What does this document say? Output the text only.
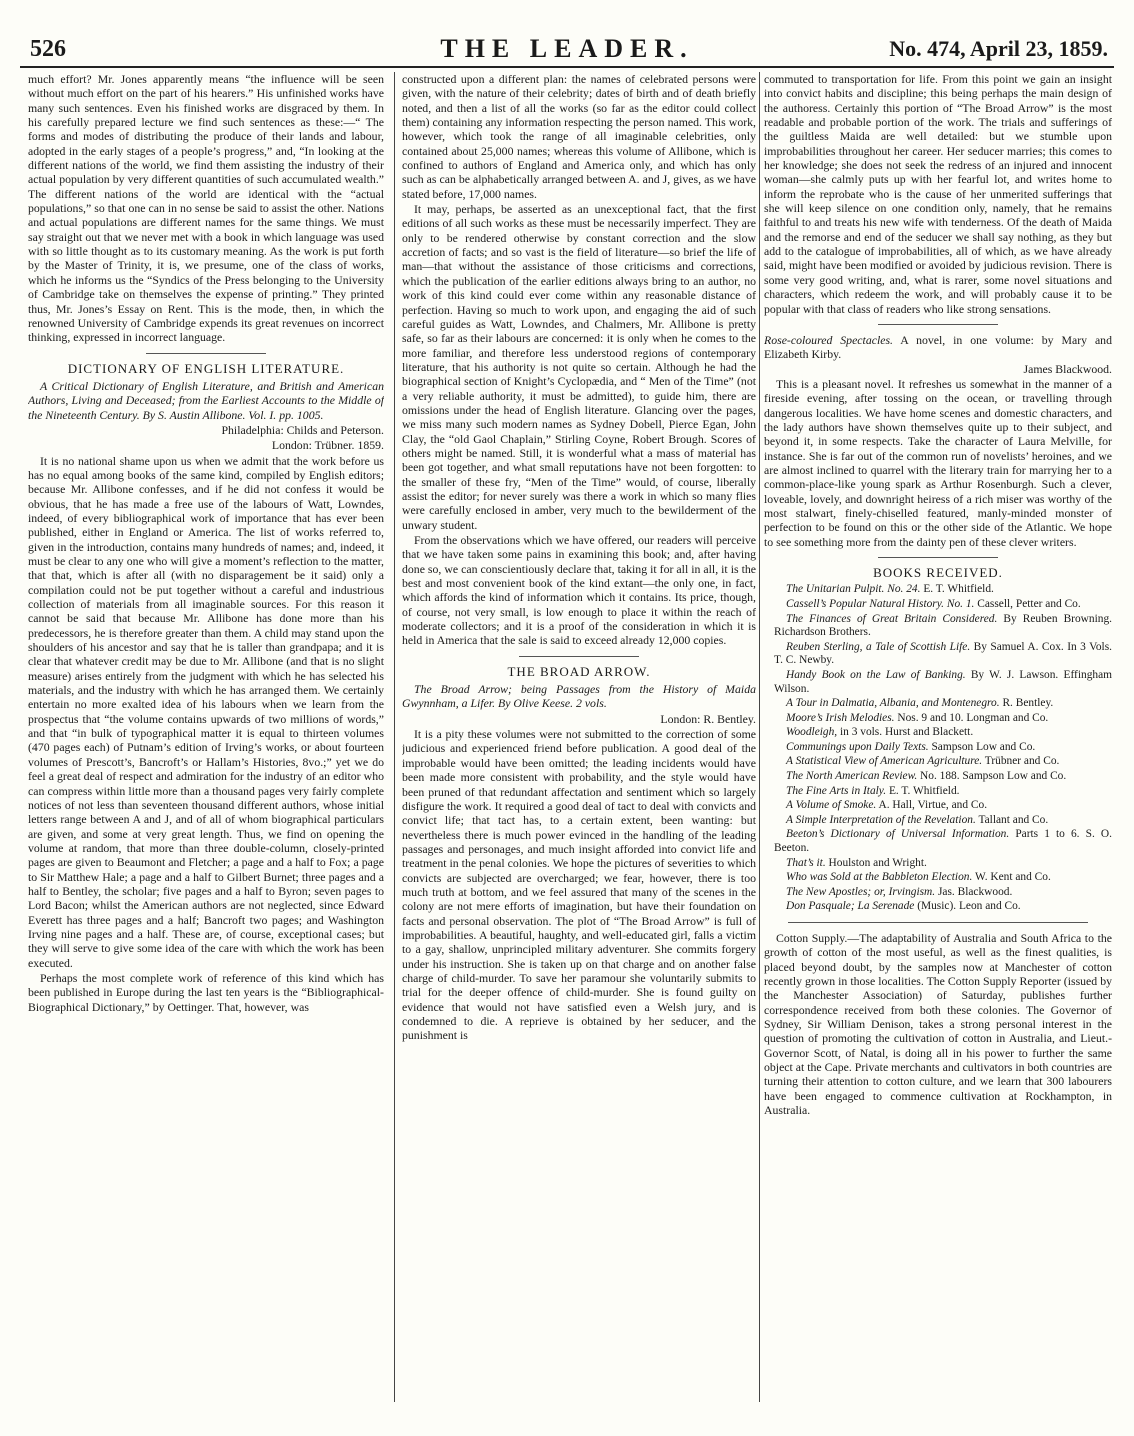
526	THE LEADER.	No. 474, April 23, 1859.

much effort? Mr. Jones apparently means “the influence will be seen without much effort on the part of his hearers.” His unfinished works have many such sentences. Even his finished works are disgraced by them. In his carefully prepared lecture we find such sentences as these:—“ The forms and modes of distributing the produce of their lands and labour, adopted in the early stages of a people’s progress,” and, “In looking at the different nations of the world, we find them assisting the industry of their actual population by very different quantities of such accumulated wealth.” The different nations of the world are identical with the “actual populations,” so that one can in no sense be said to assist the other. Nations and actual populations are different names for the same things. We must say straight out that we never met with a book in which language was used with so little thought as to its customary meaning. As the work is put forth by the Master of Trinity, it is, we presume, one of the class of works, which he informs us the “Syndics of the Press belonging to the University of Cambridge take on themselves the expense of printing.” They printed thus, Mr. Jones’s Essay on Rent. This is the mode, then, in which the renowned University of Cambridge expends its great revenues on incorrect thinking, expressed in incorrect language.

DICTIONARY OF ENGLISH LITERATURE.

A Critical Dictionary of English Literature, and British and American Authors, Living and Deceased; from the Earliest Accounts to the Middle of the Nineteenth Century. By S. Austin Allibone. Vol. I. pp. 1005.

Philadelphia: Childs and Peterson.

London: Trübner. 1859.

It is no national shame upon us when we admit that the work before us has no equal among books of the same kind, compiled by English editors; because Mr. Allibone confesses, and if he did not confess it would be obvious, that he has made a free use of the labours of Watt, Lowndes, indeed, of every bibliographical work of importance that has ever been published, either in England or America. The list of works referred to, given in the introduction, contains many hundreds of names; and, indeed, it must be clear to any one who will give a moment’s reflection to the matter, that that, which is after all (with no disparagement be it said) only a compilation could not be put together without a careful and industrious collection of materials from all imaginable sources. For this reason it cannot be said that because Mr. Allibone has done more than his predecessors, he is therefore greater than them. A child may stand upon the shoulders of his ancestor and say that he is taller than grandpapa; and it is clear that whatever credit may be due to Mr. Allibone (and that is no slight measure) arises entirely from the judgment with which he has selected his materials, and the industry with which he has arranged them. We certainly entertain no more exalted idea of his labours when we learn from the prospectus that “the volume contains upwards of two millions of words,” and that “in bulk of typographical matter it is equal to thirteen volumes (470 pages each) of Putnam’s edition of Irving’s works, or about fourteen volumes of Prescott’s, Bancroft’s or Hallam’s Histories, 8vo.;” yet we do feel a great deal of respect and admiration for the industry of an editor who can compress within little more than a thousand pages very fairly complete notices of not less than seventeen thousand different authors, whose initial letters range between A and J, and of all of whom biographical particulars are given, and some at very great length. Thus, we find on opening the volume at random, that more than three double-column, closely-printed pages are given to Beaumont and Fletcher; a page and a half to Fox; a page to Sir Matthew Hale; a page and a half to Gilbert Burnet; three pages and a half to Bentley, the scholar; five pages and a half to Byron; seven pages to Lord Bacon; whilst the American authors are not neglected, since Edward Everett has three pages and a half; Bancroft two pages; and Washington Irving nine pages and a half. These are, of course, exceptional cases; but they will serve to give some idea of the care with which the work has been executed.

Perhaps the most complete work of reference of this kind which has been published in Europe during the last ten years is the “Bibliographical-Biographical Dictionary,” by Oettinger. That, however, was

constructed upon a different plan: the names of celebrated persons were given, with the nature of their celebrity; dates of birth and of death briefly noted, and then a list of all the works (so far as the editor could collect them) containing any information respecting the person named. This work, however, which took the range of all imaginable celebrities, only contained about 25,000 names; whereas this volume of Allibone, which is confined to authors of England and America only, and which has only such as can be alphabetically arranged between A. and J, gives, as we have stated before, 17,000 names.

It may, perhaps, be asserted as an unexceptional fact, that the first editions of all such works as these must be necessarily imperfect. They are only to be rendered otherwise by constant correction and the slow accretion of facts; and so vast is the field of literature—so brief the life of man—that without the assistance of those criticisms and corrections, which the publication of the earlier editions always bring to an author, no work of this kind could ever come within any reasonable distance of perfection. Having so much to work upon, and engaging the aid of such careful guides as Watt, Lowndes, and Chalmers, Mr. Allibone is pretty safe, so far as their labours are concerned: it is only when he comes to the more familiar, and therefore less understood regions of contemporary literature, that his authority is not quite so certain. Although he had the biographical section of Knight’s Cyclopædia, and “ Men of the Time” (not a very reliable authority, it must be admitted), to guide him, there are omissions under the head of English literature. Glancing over the pages, we miss many such modern names as Sydney Dobell, Pierce Egan, John Clay, the “old Gaol Chaplain,” Stirling Coyne, Robert Brough. Scores of others might be named. Still, it is wonderful what a mass of material has been got together, and what small reputations have not been forgotten: to the smaller of these fry, “Men of the Time” would, of course, liberally assist the editor; for never surely was there a work in which so many flies were carefully enclosed in amber, very much to the bewilderment of the unwary student.

From the observations which we have offered, our readers will perceive that we have taken some pains in examining this book; and, after having done so, we can conscientiously declare that, taking it for all in all, it is the best and most convenient book of the kind extant—the only one, in fact, which affords the kind of information which it contains. Its price, though, of course, not very small, is low enough to place it within the reach of moderate collectors; and it is a proof of the consideration in which it is held in America that the sale is said to exceed already 12,000 copies.

THE BROAD ARROW.

The Broad Arrow; being Passages from the History of Maida Gwynnham, a Lifer. By Olive Keese. 2 vols.

London: R. Bentley.

It is a pity these volumes were not submitted to the correction of some judicious and experienced friend before publication. A good deal of the improbable would have been omitted; the leading incidents would have been made more consistent with probability, and the style would have been pruned of that redundant affectation and sentiment which so largely disfigure the work. It required a good deal of tact to deal with convicts and convict life; that tact has, to a certain extent, been wanting: but nevertheless there is much power evinced in the handling of the leading passages and personages, and much insight afforded into convict life and treatment in the penal colonies. We hope the pictures of severities to which convicts are subjected are overcharged; we fear, however, there is too much truth at bottom, and we feel assured that many of the scenes in the colony are not mere efforts of imagination, but have their foundation on facts and personal observation. The plot of “The Broad Arrow” is full of improbabilities. A beautiful, haughty, and well-educated girl, falls a victim to a gay, shallow, unprincipled military adventurer. She commits forgery under his instruction. She is taken up on that charge and on another false charge of child-murder. To save her paramour she voluntarily submits to trial for the deeper offence of child-murder. She is found guilty on evidence that would not have satisfied even a Welsh jury, and is condemned to die. A reprieve is obtained by her seducer, and the punishment is

commuted to transportation for life. From this point we gain an insight into convict habits and discipline; this being perhaps the main design of the authoress. Certainly this portion of “The Broad Arrow” is the most readable and probable portion of the work. The trials and sufferings of the guiltless Maida are well detailed: but we stumble upon improbabilities throughout her career. Her seducer marries; this comes to her knowledge; she does not seek the redress of an injured and innocent woman—she calmly puts up with her fearful lot, and writes home to inform the reprobate who is the cause of her unmerited sufferings that she will keep silence on one condition only, namely, that he remains faithful to and treats his new wife with tenderness. Of the death of Maida and the remorse and end of the seducer we shall say nothing, as they but add to the catalogue of improbabilities, all of which, as we have already said, might have been modified or avoided by judicious revision. There is some very good writing, and, what is rarer, some novel situations and characters, which redeem the work, and will probably cause it to be popular with that class of readers who like strong sensations.

Rose-coloured Spectacles. A novel, in one volume: by Mary and Elizabeth Kirby.

James Blackwood.

This is a pleasant novel. It refreshes us somewhat in the manner of a fireside evening, after tossing on the ocean, or travelling through dangerous localities. We have home scenes and domestic characters, and the lady authors have shown themselves quite up to their subject, and beyond it, in some respects. Take the character of Laura Melville, for instance. She is far out of the common run of novelists’ heroines, and we are almost inclined to quarrel with the literary train for marrying her to a common-place-like young spark as Arthur Rosenburgh. Such a clever, loveable, lovely, and downright heiress of a rich miser was worthy of the most stalwart, finely-chiselled featured, manly-minded monster of perfection to be found on this or the other side of the Atlantic. We hope to see something more from the dainty pen of these clever writers.

BOOKS RECEIVED.

The Unitarian Pulpit. No. 24. E. T. Whitfield.

Cassell’s Popular Natural History. No. 1. Cassell, Petter and Co.

The Finances of Great Britain Considered. By Reuben Browning. Richardson Brothers.

Reuben Sterling, a Tale of Scottish Life. By Samuel A. Cox. In 3 Vols. T. C. Newby.

Handy Book on the Law of Banking. By W. J. Lawson. Effingham Wilson.

A Tour in Dalmatia, Albania, and Montenegro. R. Bentley.

Moore’s Irish Melodies. Nos. 9 and 10. Longman and Co.

Woodleigh, in 3 vols. Hurst and Blackett.

Communings upon Daily Texts. Sampson Low and Co.

A Statistical View of American Agriculture. Trübner and Co.

The North American Review. No. 188. Sampson Low and Co.

The Fine Arts in Italy. E. T. Whitfield.

A Volume of Smoke. A. Hall, Virtue, and Co.

A Simple Interpretation of the Revelation. Tallant and Co.

Beeton’s Dictionary of Universal Information. Parts 1 to 6. S. O. Beeton.

That’s it. Houlston and Wright.

Who was Sold at the Babbleton Election. W. Kent and Co.

The New Apostles; or, Irvingism. Jas. Blackwood.

Don Pasquale; La Serenade (Music). Leon and Co.

Cotton Supply.—The adaptability of Australia and South Africa to the growth of cotton of the most useful, as well as the finest qualities, is placed beyond doubt, by the samples now at Manchester of cotton recently grown in those localities. The Cotton Supply Reporter (issued by the Manchester Association) of Saturday, publishes further correspondence received from both these colonies. The Governor of Sydney, Sir William Denison, takes a strong personal interest in the question of promoting the cultivation of cotton in Australia, and Lieut.-Governor Scott, of Natal, is doing all in his power to further the same object at the Cape. Private merchants and cultivators in both countries are turning their attention to cotton culture, and we learn that 300 labourers have been engaged to commence cultivation at Rockhampton, in Australia.
